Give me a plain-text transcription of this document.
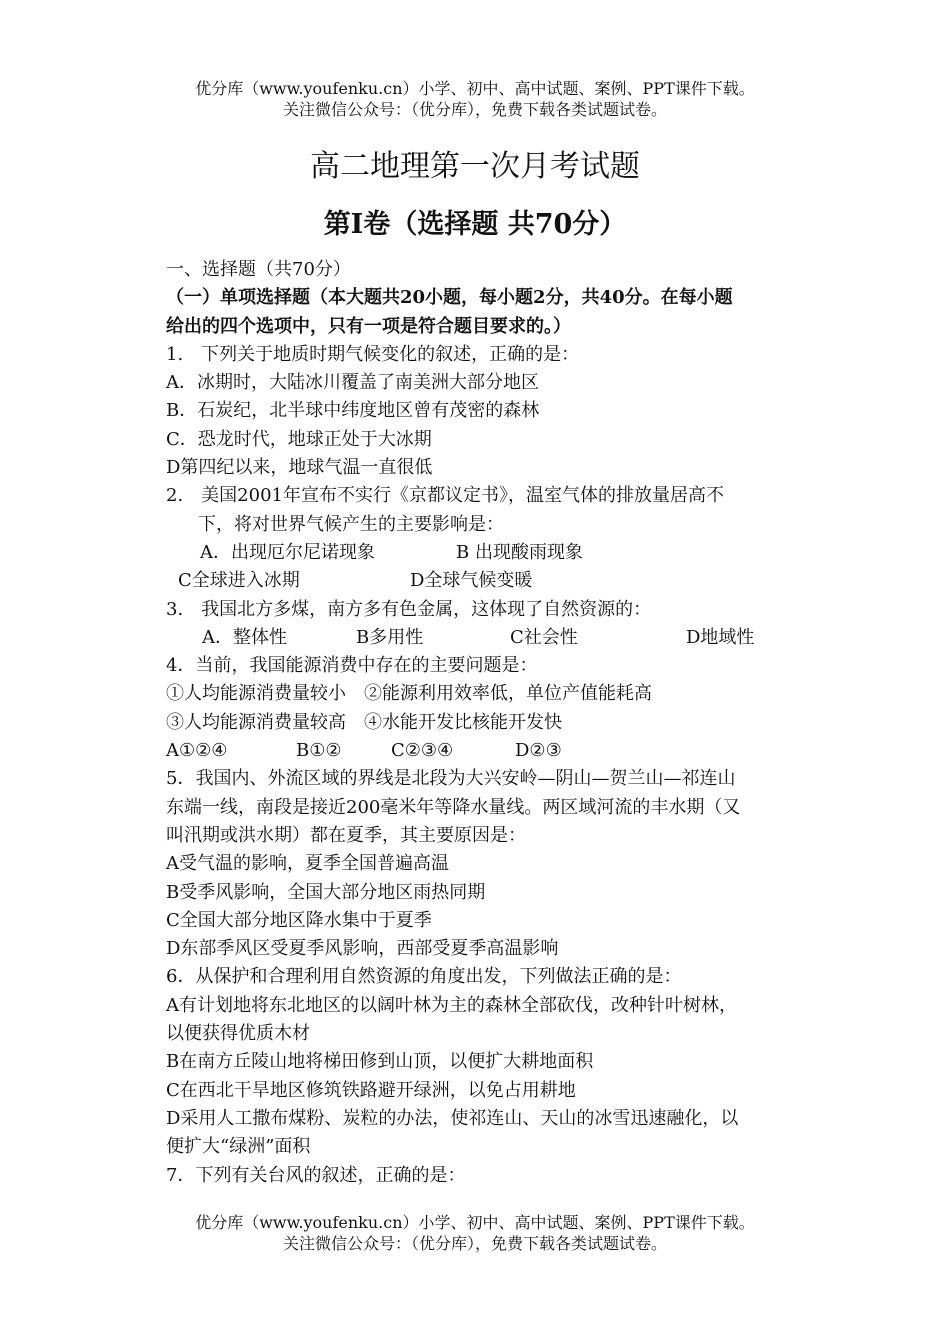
优分库（www.youfenku.cn）小学、初中、高中试题、案例、PPT课件下载。
关注微信公众号：（优分库），免费下载各类试题试卷。
高二地理第一次月考试题
第Ⅰ卷（选择题 共70分）
一、选择题（共70分）
（一）单项选择题（本大题共20小题，每小题2分，共40分。在每小题
给出的四个选项中，只有一项是符合题目要求的。）
1.　下列关于地质时期气候变化的叙述，正确的是：
A．冰期时，大陆冰川覆盖了南美洲大部分地区
B．石炭纪，北半球中纬度地区曾有茂密的森林
C．恐龙时代，地球正处于大冰期
D第四纪以来，地球气温一直很低
2.　美国2001年宣布不实行《京都议定书》，温室气体的排放量居高不
下，将对世界气候产生的主要影响是：
A．出现厄尔尼诺现象	B 出现酸雨现象
C全球进入冰期	D全球气候变暖
3.　我国北方多煤，南方多有色金属，这体现了自然资源的：
A．整体性	B多用性	C社会性	D地域性
4．当前，我国能源消费中存在的主要问题是：
①人均能源消费量较小　②能源利用效率低，单位产值能耗高
③人均能源消费量较高　④水能开发比核能开发快
A①②④	B①②	C②③④	D②③
5．我国内、外流区域的界线是北段为大兴安岭—阴山—贺兰山—祁连山
东端一线，南段是接近200毫米年等降水量线。两区域河流的丰水期（又
叫汛期或洪水期）都在夏季，其主要原因是：
A受气温的影响，夏季全国普遍高温
B受季风影响，全国大部分地区雨热同期
C全国大部分地区降水集中于夏季
D东部季风区受夏季风影响，西部受夏季高温影响
6．从保护和合理利用自然资源的角度出发，下列做法正确的是：
A有计划地将东北地区的以阔叶林为主的森林全部砍伐，改种针叶树林，
以便获得优质木材
B在南方丘陵山地将梯田修到山顶，以便扩大耕地面积
C在西北干旱地区修筑铁路避开绿洲，以免占用耕地
D采用人工撒布煤粉、炭粒的办法，使祁连山、天山的冰雪迅速融化，以
便扩大“绿洲”面积
7．下列有关台风的叙述，正确的是：
优分库（www.youfenku.cn）小学、初中、高中试题、案例、PPT课件下载。
关注微信公众号：（优分库），免费下载各类试题试卷。
